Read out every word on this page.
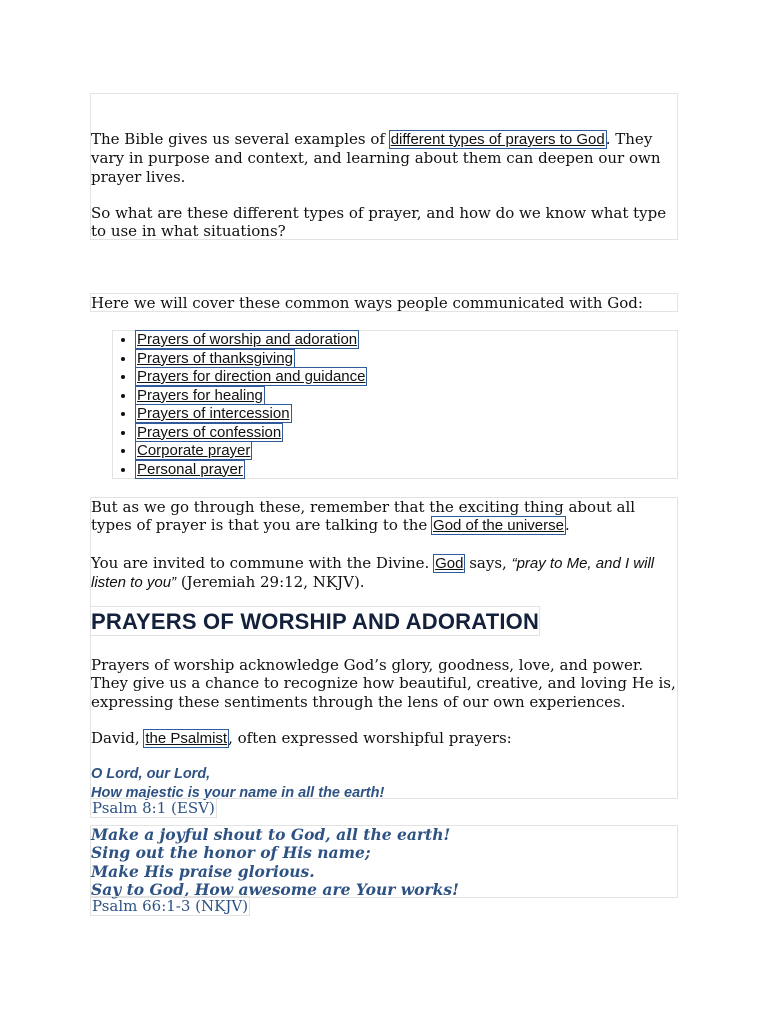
The Bible gives us several examples of different types of prayers to God. They vary in purpose and context, and learning about them can deepen our own prayer lives.

So what are these different types of prayer, and how do we know what type to use in what situations?

Here we will cover these common ways people communicated with God:
• Prayers of worship and adoration
• Prayers of thanksgiving
• Prayers for direction and guidance
• Prayers for healing
• Prayers of intercession
• Prayers of confession
• Corporate prayer
• Personal prayer

But as we go through these, remember that the exciting thing about all types of prayer is that you are talking to the God of the universe.

You are invited to commune with the Divine. God says, “pray to Me, and I will listen to you” (Jeremiah 29:12, NKJV).

Prayers of worship acknowledge God’s glory, goodness, love, and power. They give us a chance to recognize how beautiful, creative, and loving He is, expressing these sentiments through the lens of our own experiences.

David, the Psalmist, often expressed worshipful prayers:

O Lord, our Lord,
How majestic is your name in all the earth!
PRAYERS OF WORSHIP AND ADORATION
Psalm 8:1 (ESV)
Make a joyful shout to God, all the earth!
Sing out the honor of His name;
Make His praise glorious.
Say to God, How awesome are Your works!
Psalm 66:1-3 (NKJV)
